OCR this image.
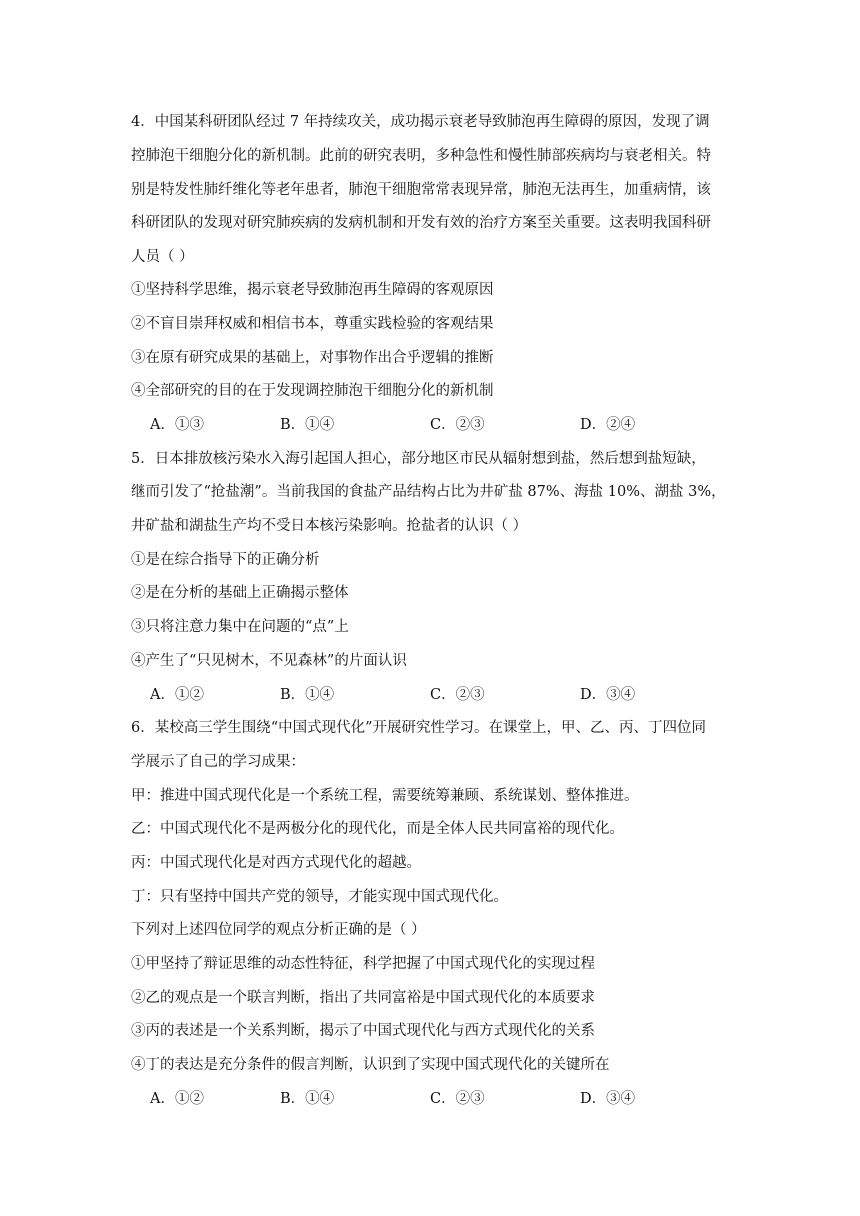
4．中国某科研团队经过 7 年持续攻关，成功揭示衰老导致肺泡再生障碍的原因，发现了调
控肺泡干细胞分化的新机制。此前的研究表明，多种急性和慢性肺部疾病均与衰老相关。特
别是特发性肺纤维化等老年患者，肺泡干细胞常常表现异常，肺泡无法再生，加重病情，该
科研团队的发现对研究肺疾病的发病机制和开发有效的治疗方案至关重要。这表明我国科研
人员（ ）
①坚持科学思维，揭示衰老导致肺泡再生障碍的客观原因
②不盲目崇拜权威和相信书本，尊重实践检验的客观结果
③在原有研究成果的基础上，对事物作出合乎逻辑的推断
④全部研究的目的在于发现调控肺泡干细胞分化的新机制
A．①③	B．①④	C．②③	D．②④
5．日本排放核污染水入海引起国人担心，部分地区市民从辐射想到盐，然后想到盐短缺，
继而引发了“抢盐潮”。当前我国的食盐产品结构占比为井矿盐 87%、海盐 10%、湖盐 3%，
井矿盐和湖盐生产均不受日本核污染影响。抢盐者的认识（ ）
①是在综合指导下的正确分析
②是在分析的基础上正确揭示整体
③只将注意力集中在问题的“点”上
④产生了“只见树木，不见森林”的片面认识
A．①②	B．①④	C．②③	D．③④
6．某校高三学生围绕“中国式现代化”开展研究性学习。在课堂上，甲、乙、丙、丁四位同
学展示了自己的学习成果：
甲：推进中国式现代化是一个系统工程，需要统筹兼顾、系统谋划、整体推进。
乙：中国式现代化不是两极分化的现代化，而是全体人民共同富裕的现代化。
丙：中国式现代化是对西方式现代化的超越。
丁：只有坚持中国共产党的领导，才能实现中国式现代化。
下列对上述四位同学的观点分析正确的是（ ）
①甲坚持了辩证思维的动态性特征，科学把握了中国式现代化的实现过程
②乙的观点是一个联言判断，指出了共同富裕是中国式现代化的本质要求
③丙的表述是一个关系判断，揭示了中国式现代化与西方式现代化的关系
④丁的表达是充分条件的假言判断，认识到了实现中国式现代化的关键所在
A．①②	B．①④	C．②③	D．③④
